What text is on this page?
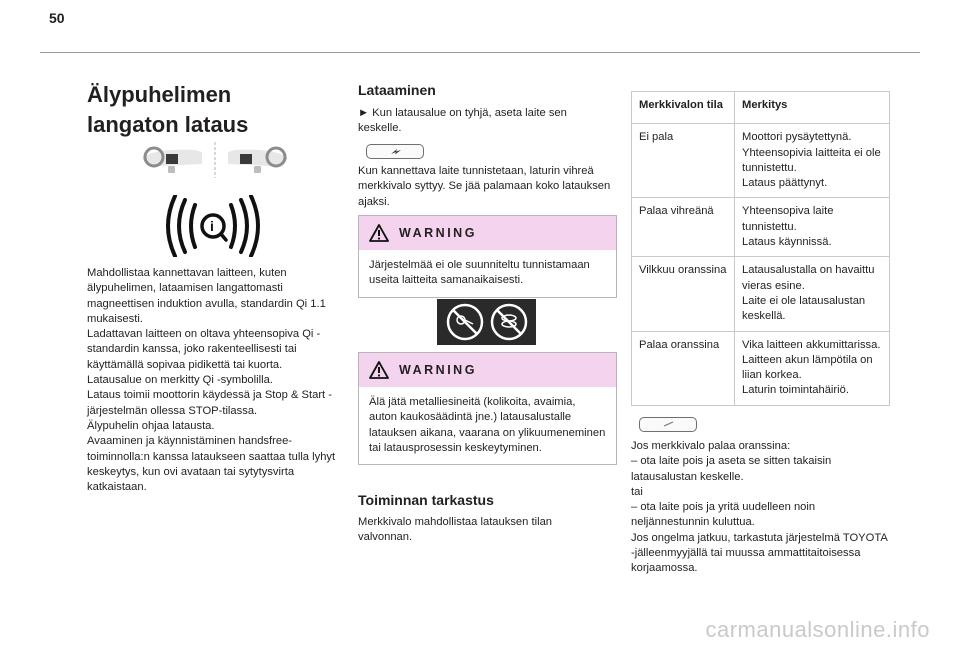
50
Älypuhelimen langaton lataus
i

Mahdollistaa kannettavan laitteen, kuten älypuhelimen, lataamisen langattomasti magneettisen induktion avulla, standardin Qi 1.1 mukaisesti.
Ladattavan laitteen on oltava yhteensopiva Qi -standardin kanssa, joko rakenteellisesti tai käyttämällä sopivaa pidikettä tai kuorta.
Latausalue on merkitty Qi -symbolilla.
Lataus toimii moottorin käydessä ja Stop & Start -järjestelmän ollessa STOP-tilassa.
Älypuhelin ohjaa latausta.
Avaaminen ja käynnistäminen handsfree-toiminnolla:n kanssa lataukseen saattaa tulla lyhyt keskeytys, kun ovi avataan tai sytytysvirta katkaistaan.

Lataaminen

► Kun latausalue on tyhjä, aseta laite sen keskelle.

Kun kannettava laite tunnistetaan, laturin vihreä merkkivalo syttyy. Se jää palamaan koko latauksen ajaksi.

WARNING
Järjestelmää ei ole suunniteltu tunnistamaan useita laitteita samanaikaisesti.
WARNING
Älä jätä metalliesineitä (kolikoita, avaimia, auton kaukosäädintä jne.) latausalustalle latauksen aikana, vaarana on ylikuumeneminen tai latausprosessin keskeytyminen.
Toiminnan tarkastus

Merkkivalo mahdollistaa latauksen tilan valvonnan.

Merkkivalon tila	Merkitys
Ei pala	Moottori pysäytettynä.
Yhteensopivia laitteita ei ole tunnistettu.
Lataus päättynyt.
Palaa vihreänä	Yhteensopiva laite tunnistettu.
Lataus käynnissä.
Vilkkuu oranssina	Latausalustalla on havaittu vieras esine.
Laite ei ole latausalustan keskellä.
Palaa oranssina	Vika laitteen akkumittarissa.
Laitteen akun lämpötila on liian korkea.
Laturin toimintahäiriö.

Jos merkkivalo palaa oranssina:
– ota laite pois ja aseta se sitten takaisin latausalustan keskelle.
tai
– ota laite pois ja yritä uudelleen noin neljännestunnin kuluttua.
Jos ongelma jatkuu, tarkastuta järjestelmä TOYOTA -jälleenmyyjällä tai muussa ammattitaitoisessa korjaamossa.

carmanualsonline.info
